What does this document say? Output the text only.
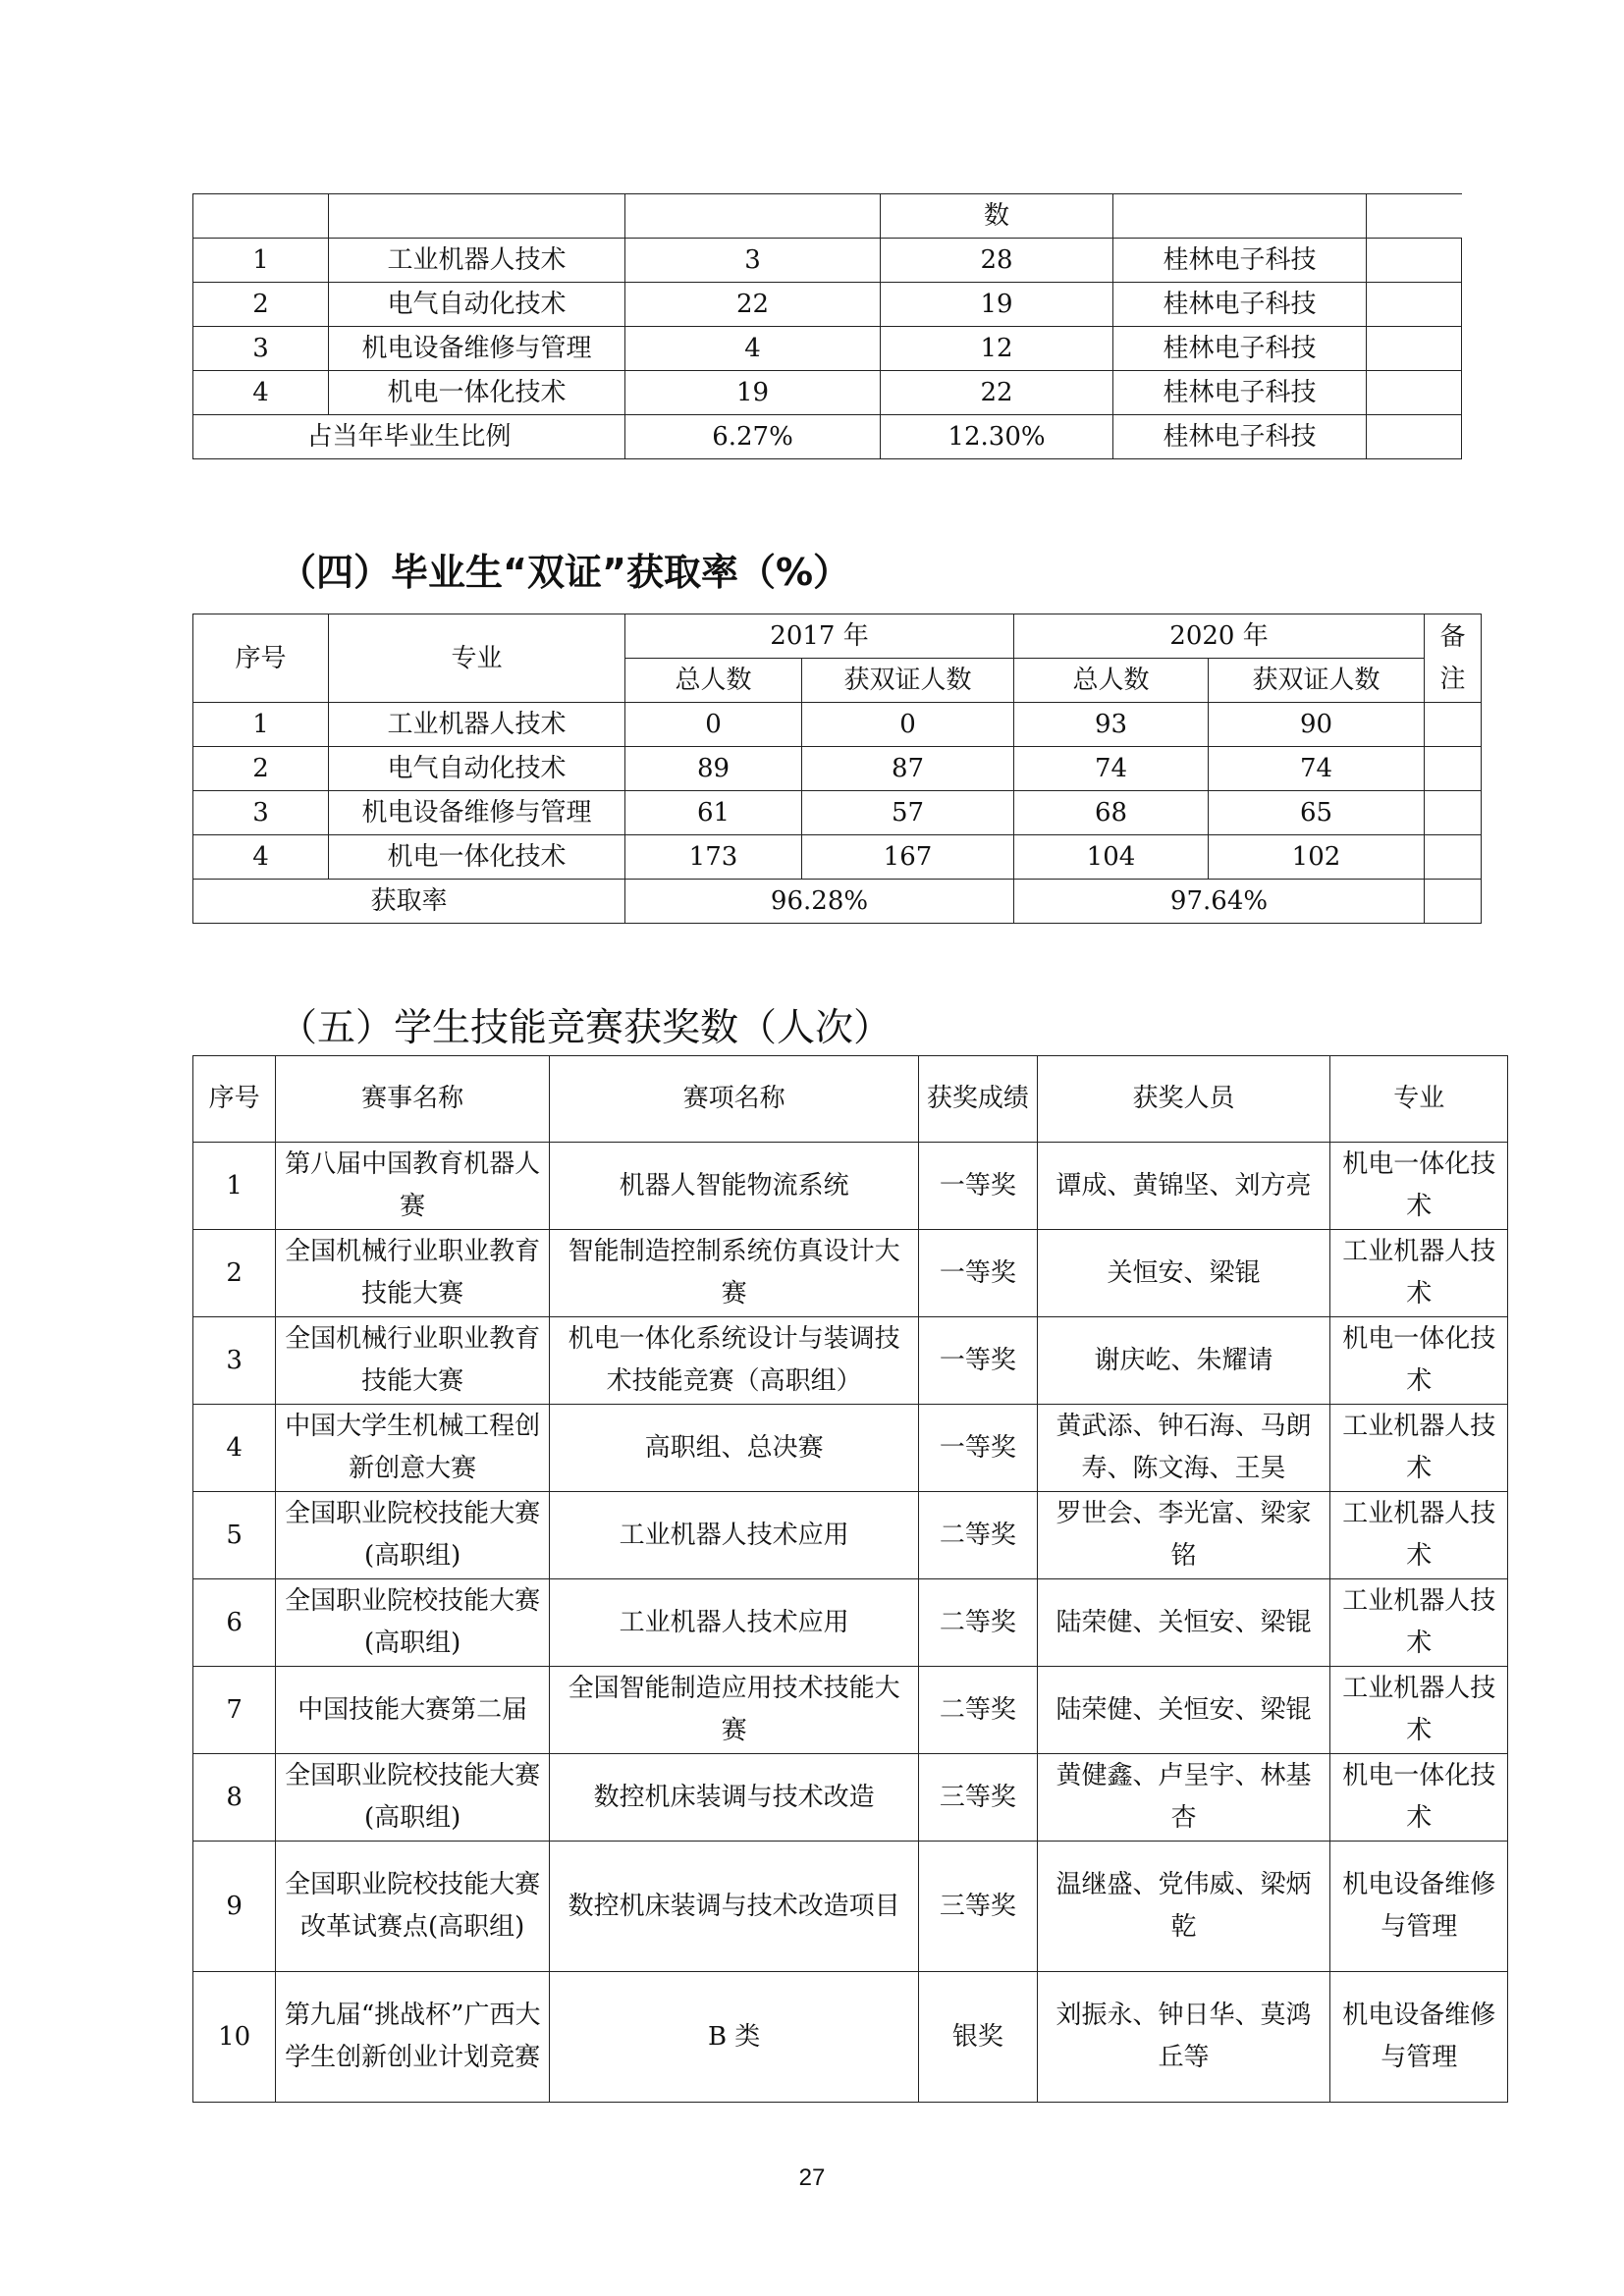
			数		
1	工业机器人技术	3	28	桂林电子科技	
2	电气自动化技术	22	19	桂林电子科技	
3	机电设备维修与管理	4	12	桂林电子科技	
4	机电一体化技术	19	22	桂林电子科技	
占当年毕业生比例		6.27%	12.30%	桂林电子科技	
（四）毕业生“双证”获取率（%）
序号	专业	2017 年		2020 年		备注
		总人数	获双证人数	总人数	获双证人数	
1	工业机器人技术	0	0	93	90	
2	电气自动化技术	89	87	74	74	
3	机电设备维修与管理	61	57	68	65	
4	机电一体化技术	173	167	104	102	
获取率		96.28%		97.64%		
（五）学生技能竞赛获奖数（人次）
序号	赛事名称	赛项名称	获奖成绩	获奖人员	专业
1	第八届中国教育机器人赛	机器人智能物流系统	一等奖	谭成、黄锦坚、刘方亮	机电一体化技术
2	全国机械行业职业教育技能大赛	智能制造控制系统仿真设计大赛	一等奖	关恒安、梁锟	工业机器人技术
3	全国机械行业职业教育技能大赛	机电一体化系统设计与装调技术技能竞赛（高职组）	一等奖	谢庆屹、朱耀请	机电一体化技术
4	中国大学生机械工程创新创意大赛	高职组、总决赛	一等奖	黄武添、钟石海、马朗寿、陈文海、王昊	工业机器人技术
5	全国职业院校技能大赛(高职组)	工业机器人技术应用	二等奖	罗世会、李光富、梁家铭	工业机器人技术
6	全国职业院校技能大赛(高职组)	工业机器人技术应用	二等奖	陆荣健、关恒安、梁锟	工业机器人技术
7	中国技能大赛第二届	全国智能制造应用技术技能大赛	二等奖	陆荣健、关恒安、梁锟	工业机器人技术
8	全国职业院校技能大赛(高职组)	数控机床装调与技术改造	三等奖	黄健鑫、卢呈宇、林基杏	机电一体化技术
9	全国职业院校技能大赛改革试赛点(高职组)	数控机床装调与技术改造项目	三等奖	温继盛、党伟威、梁炳乾	机电设备维修与管理
10	第九届“挑战杯”广西大学生创新创业计划竞赛	B 类	银奖	刘振永、钟日华、莫鸿丘等	机电设备维修与管理
27
